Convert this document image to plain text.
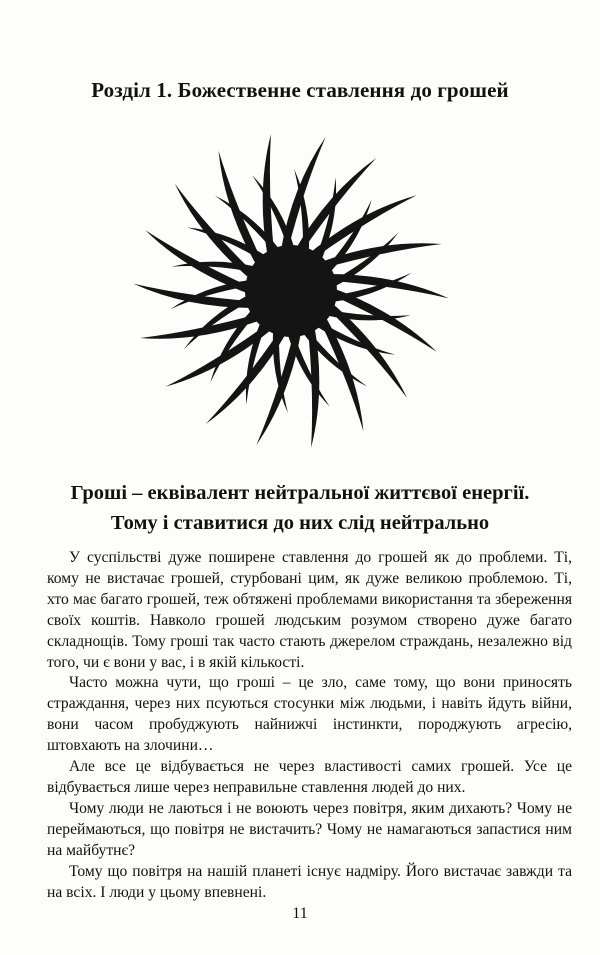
Розділ 1. Божественне ставлення до грошей
Гроші – еквівалент нейтральної життєвої енергії.
Тому і ставитися до них слід нейтрально

У суспільстві дуже поширене ставлення до грошей як до проблеми. Ті, кому не вистачає грошей, стурбовані цим, як дуже великою проблемою. Ті, хто має багато грошей, теж обтяжені проблемами використання та збереження своїх коштів. Навколо грошей людським розумом створено дуже багато складнощів. Тому гроші так часто стають джерелом страждань, незалежно від того, чи є вони у вас, і в якій кількості.

Часто можна чути, що гроші – це зло, саме тому, що вони приносять страждання, через них псуються стосунки між людьми, і навіть йдуть війни, вони часом пробуджують найнижчі інстинкти, породжують агресію, штовхають на злочини…

Але все це відбувається не через властивості самих грошей. Усе це відбувається лише через неправильне ставлення людей до них.

Чому люди не лаються і не воюють через повітря, яким дихають? Чому не переймаються, що повітря не вистачить? Чому не намагаються запастися ним на майбутнє?

Тому що повітря на нашій планеті існує надміру. Його вистачає завжди та на всіх. І люди у цьому впевнені.

11
